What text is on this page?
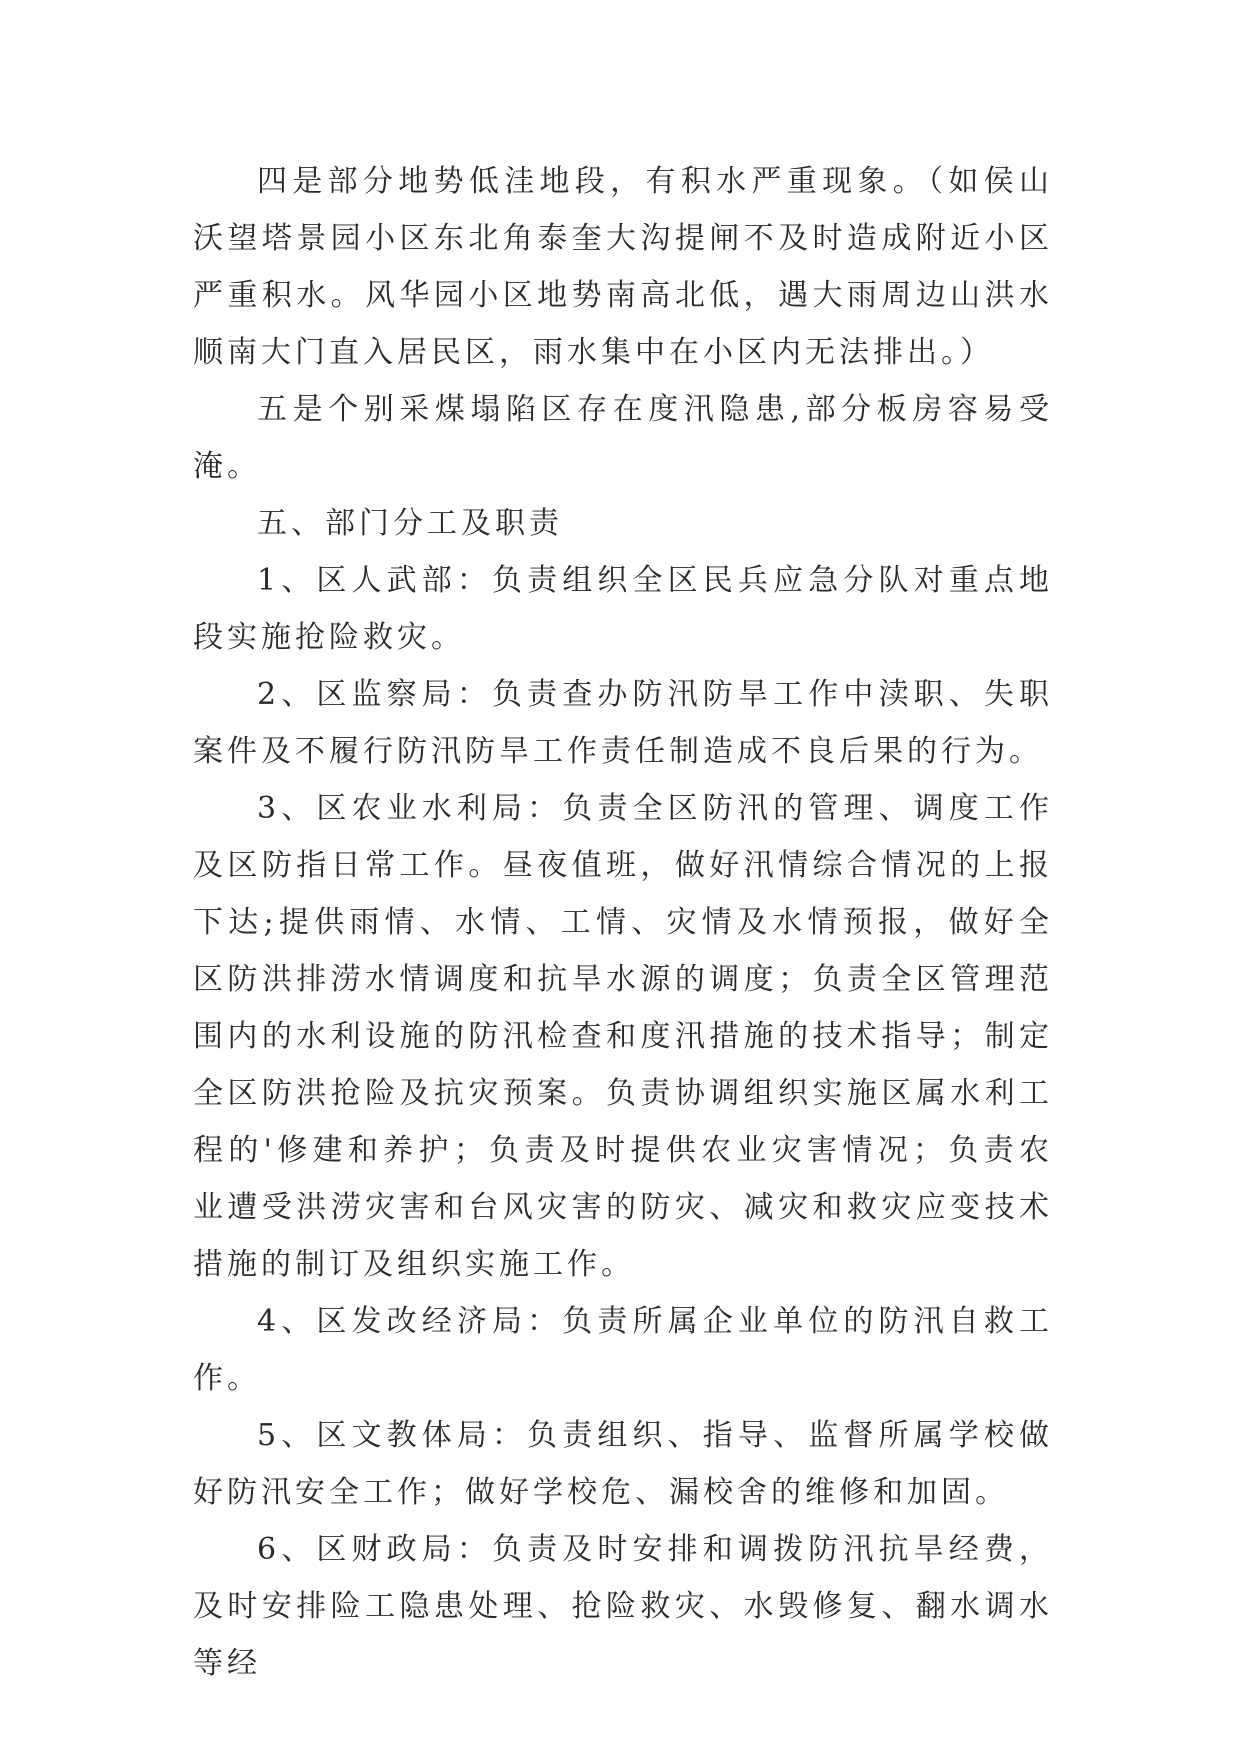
四是部分地势低洼地段，有积水严重现象。（如侯山沃望塔景园小区东北角泰奎大沟提闸不及时造成附近小区严重积水。风华园小区地势南高北低，遇大雨周边山洪水顺南大门直入居民区，雨水集中在小区内无法排出。）

五是个别采煤塌陷区存在度汛隐患,部分板房容易受淹。

五、部门分工及职责

1、区人武部：负责组织全区民兵应急分队对重点地段实施抢险救灾。

2、区监察局：负责查办防汛防旱工作中渎职、失职案件及不履行防汛防旱工作责任制造成不良后果的行为。

3、区农业水利局：负责全区防汛的管理、调度工作及区防指日常工作。昼夜值班，做好汛情综合情况的上报下达;提供雨情、水情、工情、灾情及水情预报，做好全区防洪排涝水情调度和抗旱水源的调度；负责全区管理范围内的水利设施的防汛检查和度汛措施的技术指导；制定全区防洪抢险及抗灾预案。负责协调组织实施区属水利工程的'修建和养护；负责及时提供农业灾害情况；负责农业遭受洪涝灾害和台风灾害的防灾、减灾和救灾应变技术措施的制订及组织实施工作。

4、区发改经济局：负责所属企业单位的防汛自救工作。

5、区文教体局：负责组织、指导、监督所属学校做好防汛安全工作；做好学校危、漏校舍的维修和加固。

6、区财政局：负责及时安排和调拨防汛抗旱经费，及时安排险工隐患处理、抢险救灾、水毁修复、翻水调水等经
